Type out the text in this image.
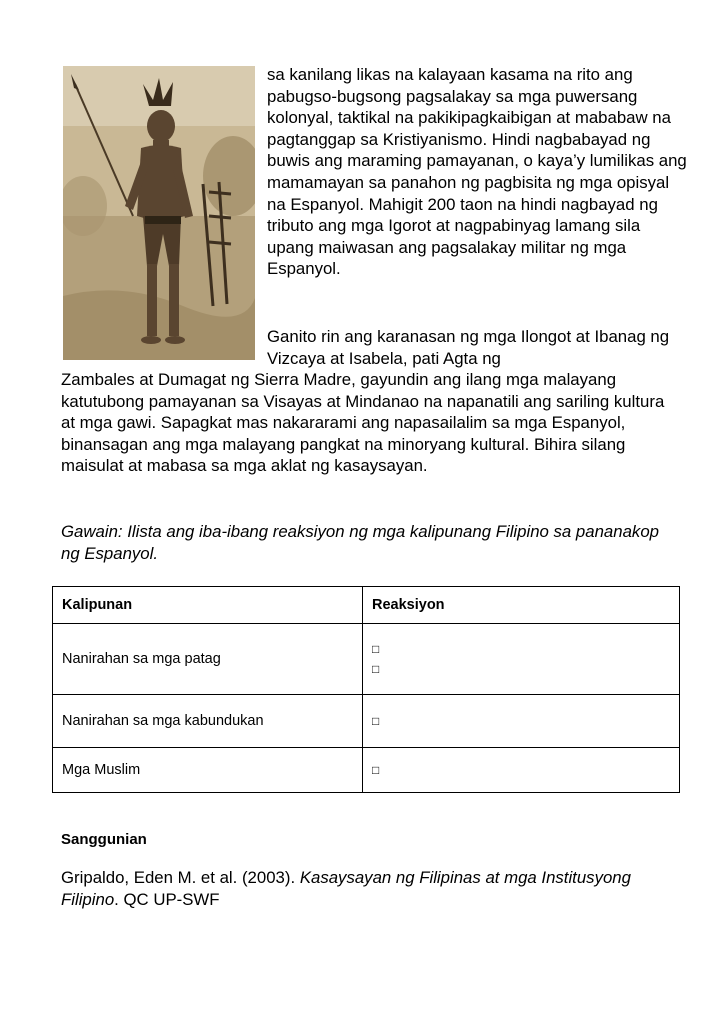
sa kanilang likas na kalayaan kasama na rito ang pabugso-bugsong pagsalakay sa mga puwersang kolonyal, taktikal na pakikipagkaibigan at mababaw na pagtanggap sa Kristiyanismo. Hindi nagbabayad ng buwis ang maraming pamayanan, o kaya’y lumilikas ang mamamayan sa panahon ng pagbisita ng mga opisyal na Espanyol. Mahigit 200 taon na hindi nagbayad ng tributo ang mga Igorot at nagpabinyag lamang sila upang maiwasan ang pagsalakay militar ng mga Espanyol.

Ganito rin ang karanasan ng mga Ilongot at Ibanag ng Vizcaya at Isabela, pati Agta ng

Zambales at Dumagat ng Sierra Madre, gayundin ang ilang mga malayang katutubong pamayanan sa Visayas at Mindanao na napanatili ang sariling kultura at mga gawi. Sapagkat mas nakararami ang napasailalim sa mga Espanyol, binansagan ang mga malayang pangkat na minoryang kultural. Bihira silang maisulat at mabasa sa mga aklat ng kasaysayan.

Gawain: Ilista ang iba-ibang reaksiyon ng mga kalipunang Filipino sa pananakop ng Espanyol.

Kalipunan	Reaksiyon
Nanirahan sa mga patag	□
□

Nanirahan sa mga kabundukan	□

Mga Muslim	□

Sanggunian

Gripaldo, Eden M. et al. (2003). Kasaysayan ng Filipinas at mga Institusyong Filipino. QC UP-SWF
